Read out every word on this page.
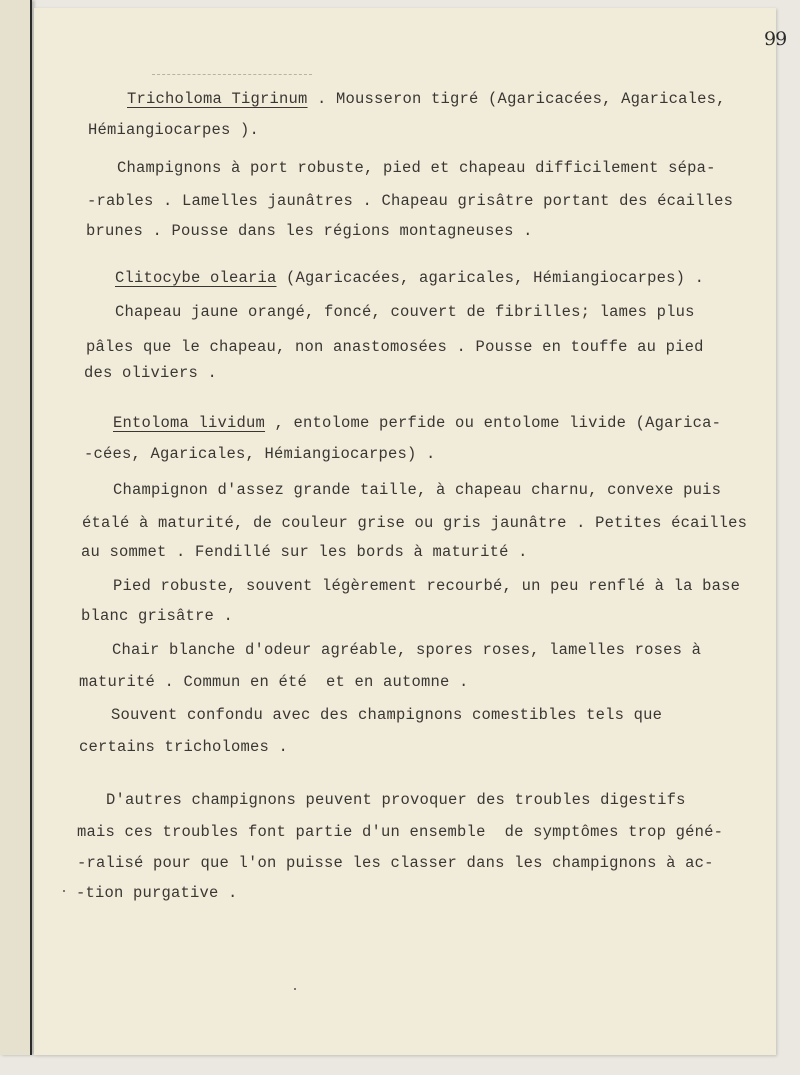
99
Tricholoma Tigrinum . Mousseron tigré (Agaricacées, Agaricales,
Hémiangiocarpes ).
Champignons à port robuste, pied et chapeau difficilement sépa-
-rables . Lamelles jaunâtres . Chapeau grisâtre portant des écailles
brunes . Pousse dans les régions montagneuses .
Clitocybe olearia (Agaricacées, agaricales, Hémiangiocarpes) .
Chapeau jaune orangé, foncé, couvert de fibrilles; lames plus
pâles que le chapeau, non anastomosées . Pousse en touffe au pied
des oliviers .
Entoloma lividum , entolome perfide ou entolome livide (Agarica-
-cées, Agaricales, Hémiangiocarpes) .
Champignon d'assez grande taille, à chapeau charnu, convexe puis
étalé à maturité, de couleur grise ou gris jaunâtre . Petites écailles
au sommet . Fendillé sur les bords à maturité .
Pied robuste, souvent légèrement recourbé, un peu renflé à la base
blanc grisâtre .
Chair blanche d'odeur agréable, spores roses, lamelles roses à
maturité . Commun en été  et en automne .
Souvent confondu avec des champignons comestibles tels que
certains tricholomes .
D'autres champignons peuvent provoquer des troubles digestifs
mais ces troubles font partie d'un ensemble  de symptômes trop géné-
-ralisé pour que l'on puisse les classer dans les champignons à ac-
-tion purgative .
